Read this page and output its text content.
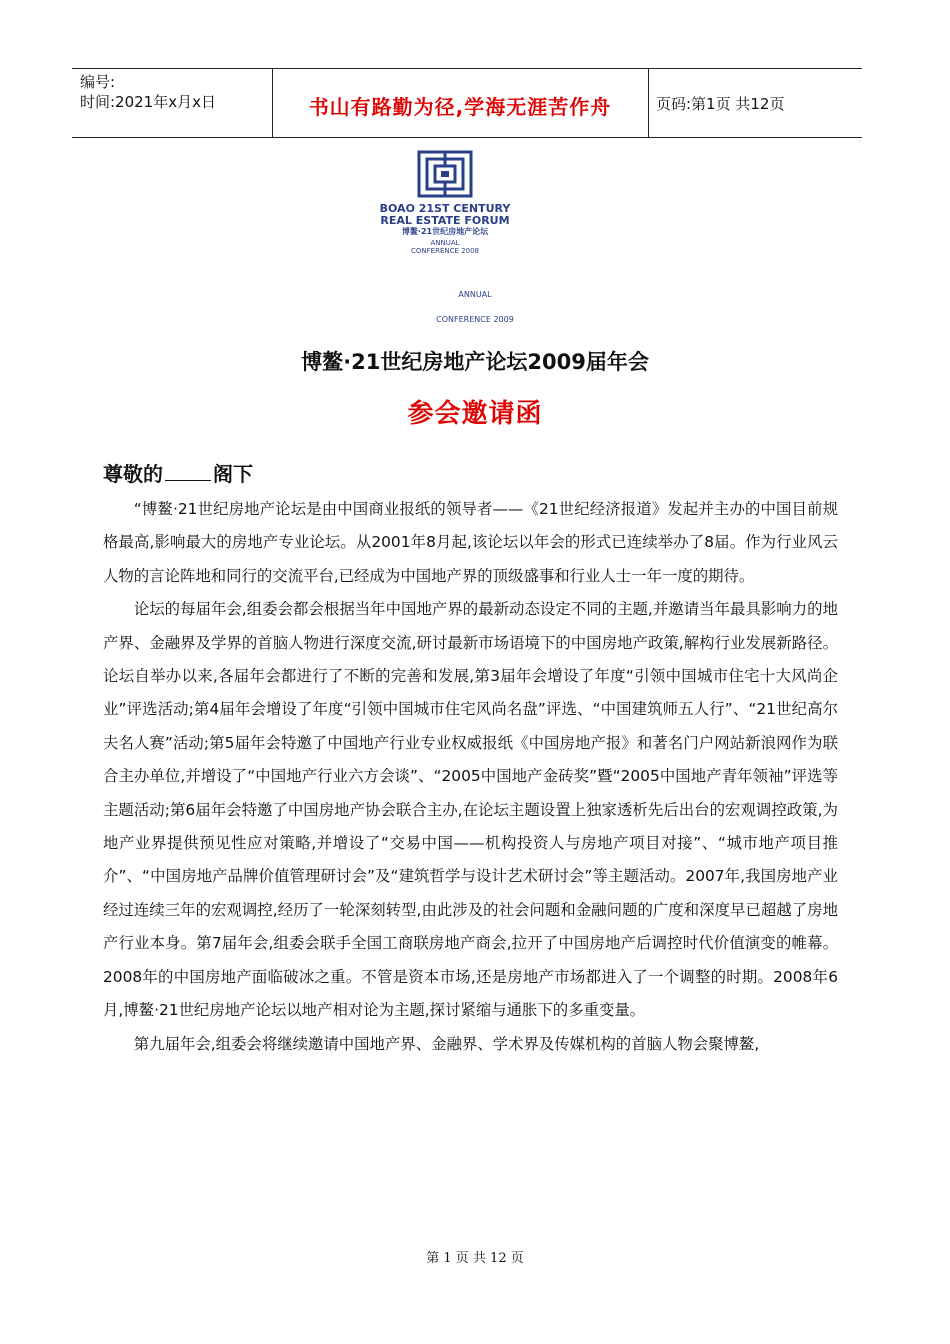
编号:
时间:2021年x月x日	书山有路勤为径,学海无涯苦作舟	页码:第1页 共12页
BOAO 21ST CENTURY
REAL ESTATE FORUM
博鳌·21世纪房地产论坛
ANNUAL
CONFERENCE 2008
ANNUAL
CONFERENCE 2009
博鳌·21世纪房地产论坛2009届年会
参会邀请函
尊敬的	阁下

“博鳌·21世纪房地产论坛是由中国商业报纸的领导者——《21世纪经济报道》发起并主办的中国目前规格最高,影响最大的房地产专业论坛。从2001年8月起,该论坛以年会的形式已连续举办了8届。作为行业风云人物的言论阵地和同行的交流平台,已经成为中国地产界的顶级盛事和行业人士一年一度的期待。

论坛的每届年会,组委会都会根据当年中国地产界的最新动态设定不同的主题,并邀请当年最具影响力的地产界、金融界及学界的首脑人物进行深度交流,研讨最新市场语境下的中国房地产政策,解构行业发展新路径。论坛自举办以来,各届年会都进行了不断的完善和发展,第3届年会增设了年度“引领中国城市住宅十大风尚企业”评选活动;第4届年会增设了年度“引领中国城市住宅风尚名盘”评选、“中国建筑师五人行”、“21世纪高尔夫名人赛”活动;第5届年会特邀了中国地产行业专业权威报纸《中国房地产报》和著名门户网站新浪网作为联合主办单位,并增设了“中国地产行业六方会谈”、“2005中国地产金砖奖”暨“2005中国地产青年领袖”评选等主题活动;第6届年会特邀了中国房地产协会联合主办,在论坛主题设置上独家透析先后出台的宏观调控政策,为地产业界提供预见性应对策略,并增设了“交易中国——机构投资人与房地产项目对接”、“城市地产项目推介”、“中国房地产品牌价值管理研讨会”及“建筑哲学与设计艺术研讨会”等主题活动。2007年,我国房地产业经过连续三年的宏观调控,经历了一轮深刻转型,由此涉及的社会问题和金融问题的广度和深度早已超越了房地产行业本身。第7届年会,组委会联手全国工商联房地产商会,拉开了中国房地产后调控时代价值演变的帷幕。2008年的中国房地产面临破冰之重。不管是资本市场,还是房地产市场都进入了一个调整的时期。2008年6月,博鳌·21世纪房地产论坛以地产相对论为主题,探讨紧缩与通胀下的多重变量。

第九届年会,组委会将继续邀请中国地产界、金融界、学术界及传媒机构的首脑人物会聚博鳌,

第 1 页 共 12 页
